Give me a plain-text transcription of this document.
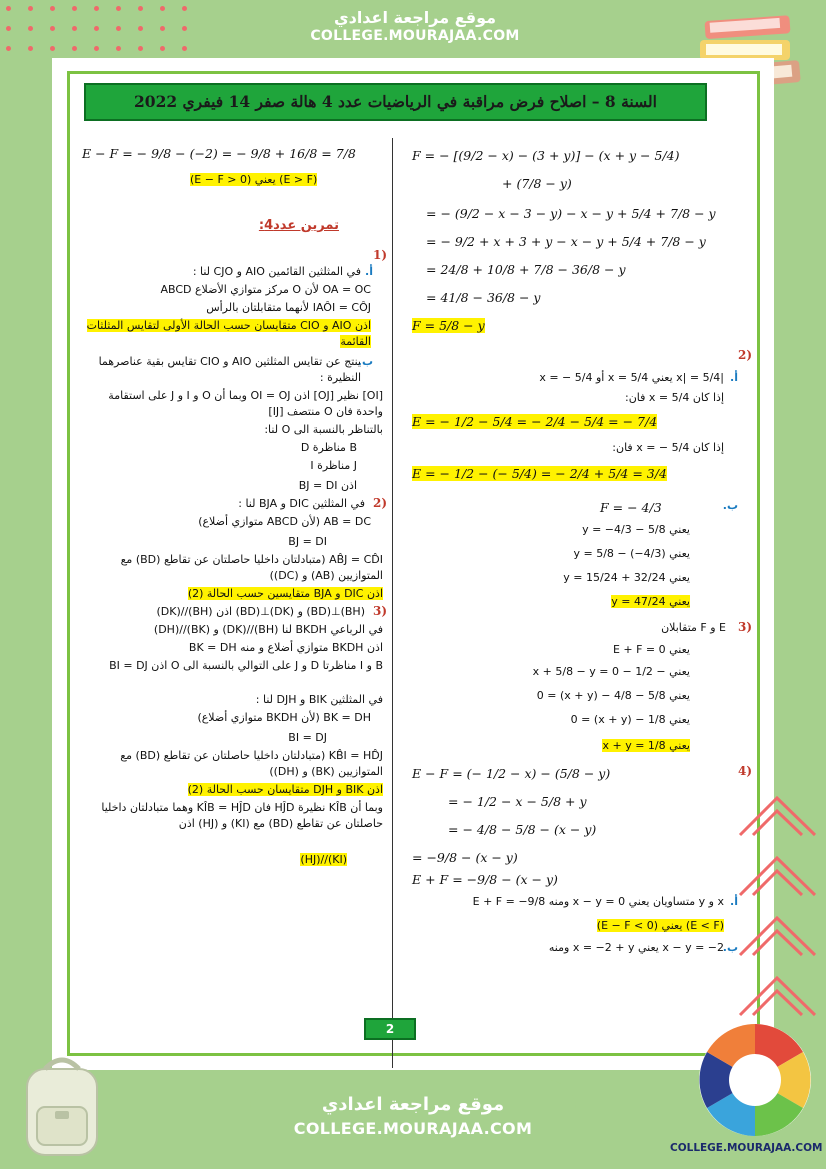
موقع مراجعة اعدادي
COLLEGE.MOURAJAA.COM
السنة 8 – اصلاح فرض مراقبة في الرياضيات عدد 4 هالة صفر 14 فيفري 2022
E − F = − 9/8 − (−2) = − 9/8 + 16/8 = 7/8
(E > F) يعني (E − F > 0)
تمرين عدد4:
1)
أ.
في المثلثين القائمين AIO و CJO لنا :
OA = OC لأن O مركز متوازي الأضلاع ABCD
IAÔI = CÔJ لأنهما متقابلتان بالرأس
اذن AIO و CIO متقايسان حسب الحالة الأولى لتقايس المثلثات القائمة
ب.
ينتج عن تقايس المثلثين AIO و CIO تقايس بقية عناصرهما النظيرة :
[OI] نظير [OJ] اذن OI = OJ وبما أن O و I و J على استقامة واحدة فان O منتصف [IJ]
بالتناظر بالنسبة الى O لنا:
B مناظرة D
J مناظرة I
اذن BJ = DI
2)
في المثلثين DIC و BJA لنا :
AB = DC (لأن ABCD متوازي أضلاع)
BJ = DI
AB̂J = CD̂I (متبادلتان داخليا حاصلتان عن تقاطع (BD) مع المتوازيين (AB) و (DC))
اذن DIC و BJA متقايسين حسب الحالة (2)
3)
(BH)⊥(BD) و (DK)⊥(BD) اذن (BH)//(DK)
في الرباعي BKDH لنا (BH)//(DK) و (BK)//(DH)
اذن BKDH متوازي أضلاع و منه BK = DH
B و I مناظرتا D و J على التوالي بالنسبة الى O اذن BI = DJ
في المثلثين BIK و DJH لنا :
BK = DH (لأن BKDH متوازي أضلاع)
BI = DJ
KB̂I = HD̂J (متبادلتان داخليا حاصلتان عن تقاطع (BD) مع المتوازيين (BK) و (DH))
اذن BIK و DJH متقايسان حسب الحالة (2)
وبما أن KÎB نظيرة HĴD فان KÎB = HĴD وهما متبادلتان داخليا حاصلتان عن تقاطع (BD) مع (KI) و (HJ) اذن
(KI)//(HJ)
F = − [(9/2 − x) − (3 + y)] − (x + y − 5/4)
+ (7/8 − y)
= − (9/2 − x − 3 − y) − x − y + 5/4 + 7/8 − y
= − 9/2 + x + 3 + y − x − y + 5/4 + 7/8 − y
= 24/8 + 10/8 + 7/8 − 36/8 − y
= 41/8 − 36/8 − y
F = 5/8 − y
2)
أ.
|x| = 5/4 يعني x = 5/4 أو x = − 5/4
إذا كان x = 5/4 فان:
E = − 1/2 − 5/4 = − 2/4 − 5/4 = − 7/4
إذا كان x = − 5/4 فان:
E = − 1/2 − (− 5/4) = − 2/4 + 5/4 = 3/4
ب.
F = − 4/3
يعني 5/8 − y = −4/3
يعني y = 5/8 − (−4/3)
يعني y = 15/24 + 32/24
يعني y = 47/24
3)
E و F متقابلان
يعني E + F = 0
يعني − 1/2 − x + 5/8 − y = 0
يعني 5/8 − 4/8 − (x + y) = 0
يعني 1/8 − (x + y) = 0
يعني x + y = 1/8
4)
E − F = (− 1/2 − x) − (5/8 − y)
= − 1/2 − x − 5/8 + y
= − 4/8 − 5/8 − (x − y)
= −9/8 − (x − y)
E + F = −9/8 − (x − y)
أ.
x و y متساويان يعني x − y = 0 ومنه E + F = −9/8
(E < F) يعني (E − F < 0)
ب.
x − y = −2 يعني x = −2 + y ومنه
2
موقع مراجعة اعدادي
COLLEGE.MOURAJAA.COM
COLLEGE.MOURAJAA.COM
